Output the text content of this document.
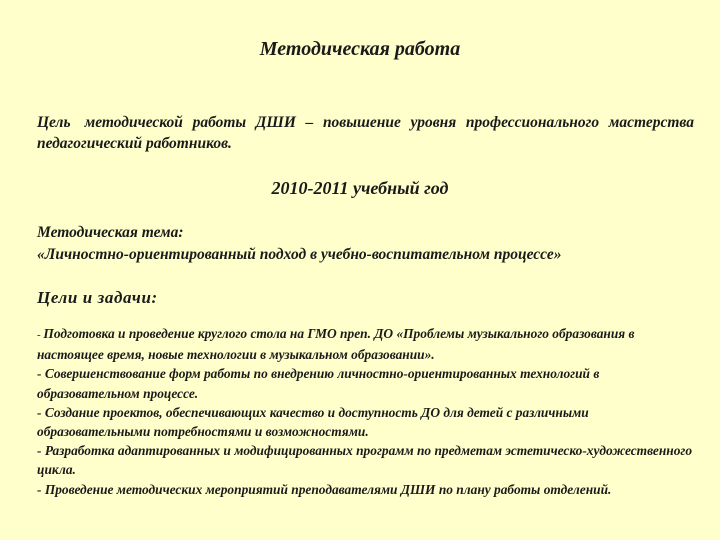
Методическая работа
Цель методической работы ДШИ – повышение уровня профессионального мастерства педагогический работников.
2010-2011 учебный год
Методическая тема:
«Личностно-ориентированный подход в учебно-воспитательном процессе»
Цели и задачи:

- Подготовка и проведение круглого стола на ГМО преп. ДО «Проблемы музыкального образования в настоящее время, новые технологии в музыкальном образовании».

- Совершенствование форм работы по внедрению личностно-ориентированных технологий в образовательном процессе.

- Создание проектов, обеспечивающих качество и доступность ДО для детей с различными образовательными потребностями и возможностями.

- Разработка адаптированных и модифицированных программ по предметам эстетическо-художественного цикла.

- Проведение методических мероприятий преподавателями ДШИ по плану работы отделений.
